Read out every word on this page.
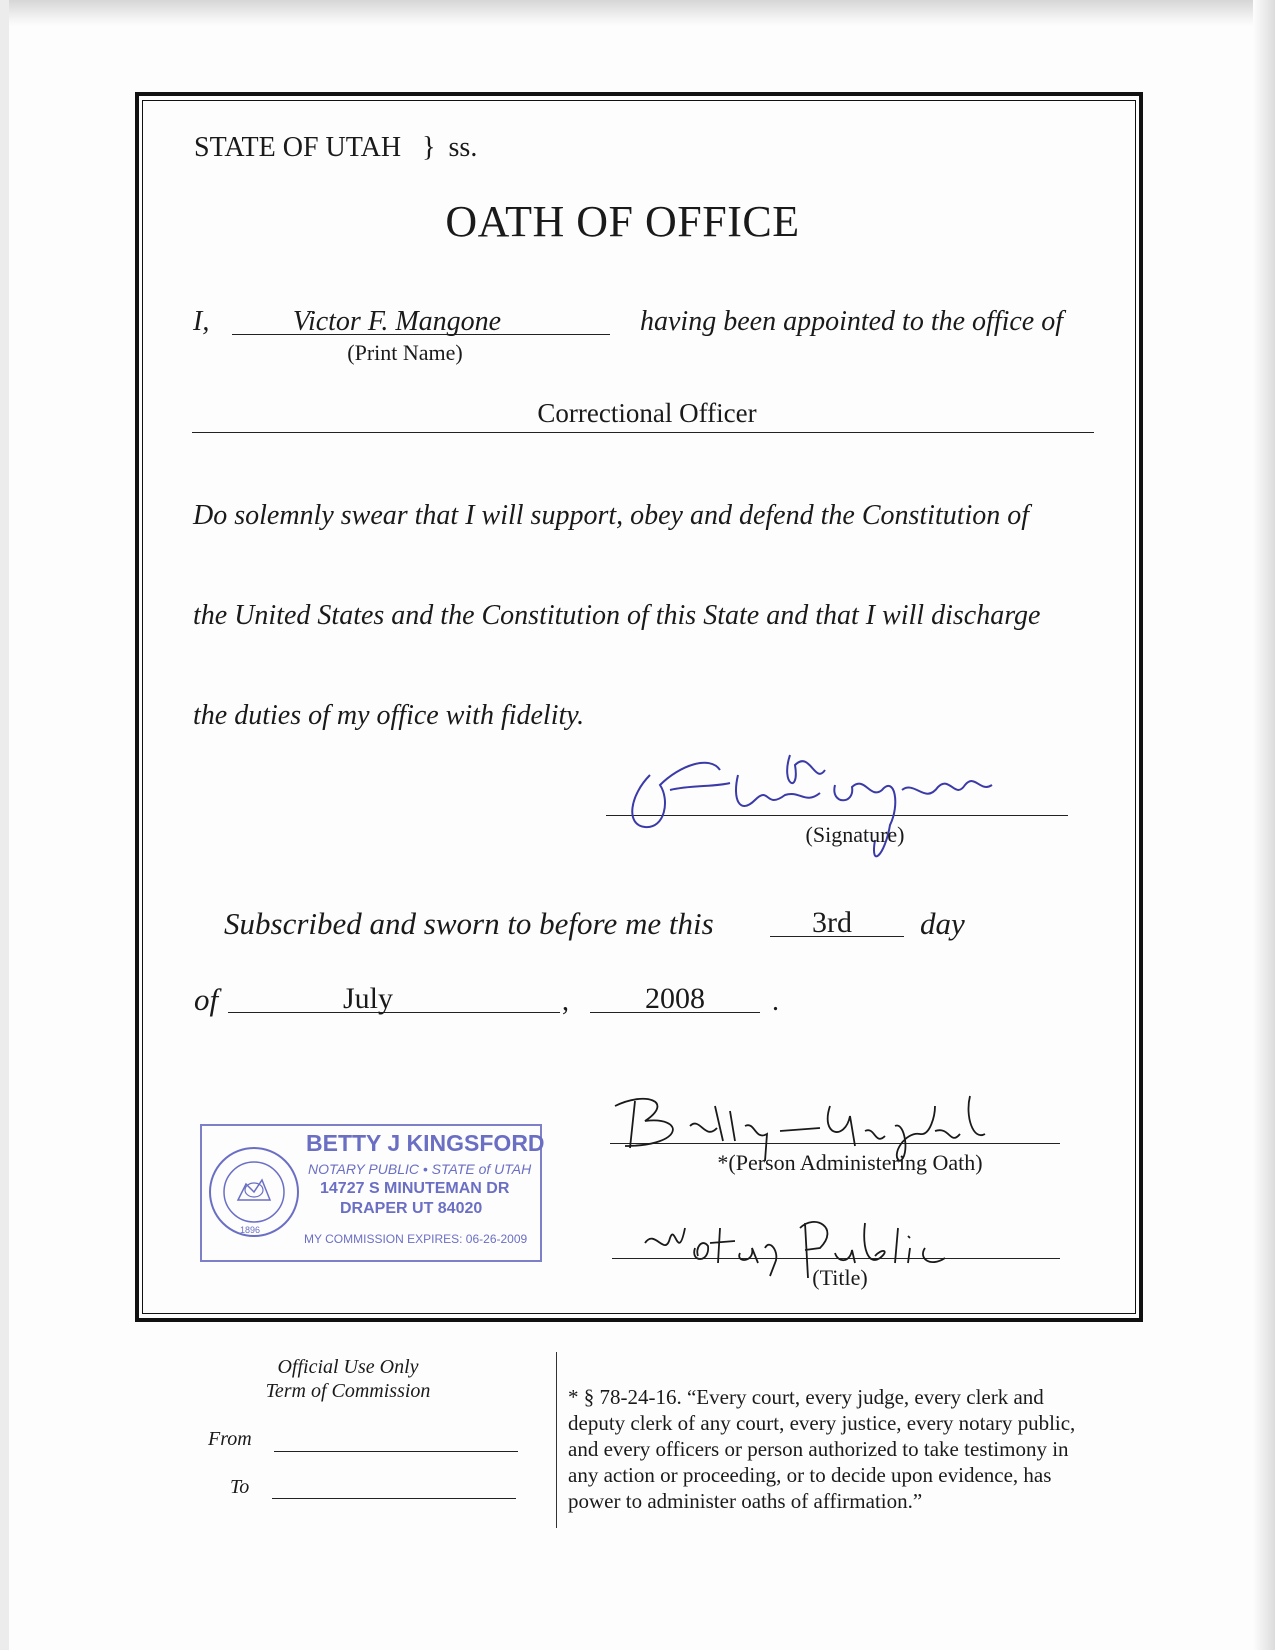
STATE OF UTAH } ss.
OATH OF OFFICE
I,	Victor F. Mangone
(Print Name)
having been appointed to the office of
Correctional Officer
Do solemnly swear that I will support, obey and defend the Constitution of
the United States and the Constitution of this State and that I will discharge
the duties of my office with fidelity.
(Signature)
Subscribed and sworn to before me this	3rd	day
of	July	,	2008	.
1896
BETTY J KINGSFORD
NOTARY PUBLIC • STATE of UTAH
14727 S MINUTEMAN DR
DRAPER UT 84020
MY COMMISSION EXPIRES: 06-26-2009
*(Person Administering Oath)
(Title)
Official Use Only
Term of Commission
From
To
* § 78-24-16. “Every court, every judge, every clerk and
deputy clerk of any court, every justice, every notary public,
and every officers or person authorized to take testimony in
any action or proceeding, or to decide upon evidence, has
power to administer oaths of affirmation.”
